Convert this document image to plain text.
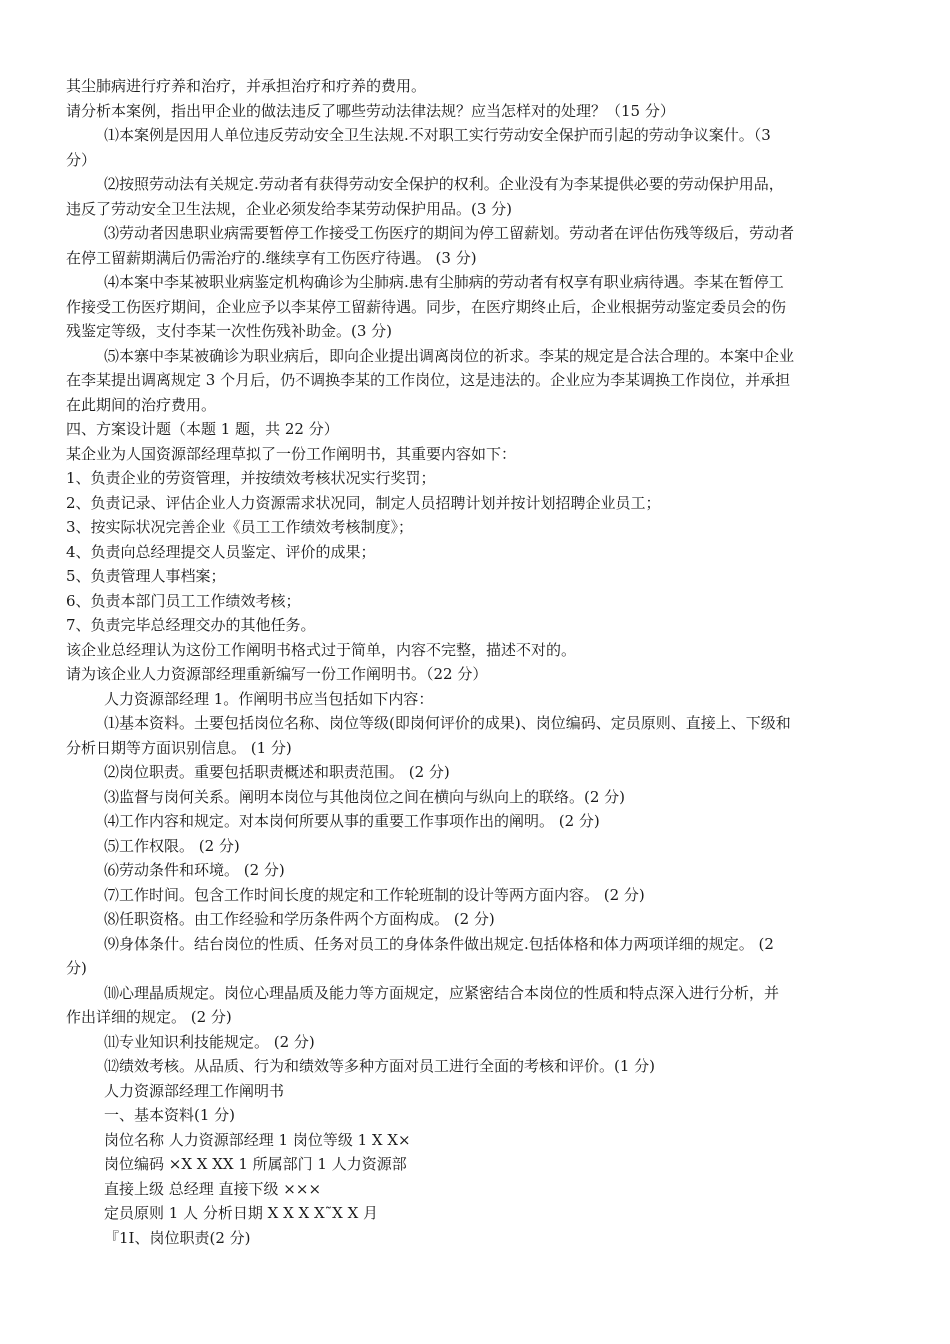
其尘肺病进行疗养和治疗，并承担治疗和疗养的费用。
请分析本案例，指出甲企业的做法违反了哪些劳动法律法规？应当怎样对的处理？（15 分）
⑴本案例是因用人单位违反劳动安全卫生法规.不对职工实行劳动安全保护而引起的劳动争议案什。（3
分）
⑵按照劳动法有关规定.劳动者有获得劳动安全保护的权利。企业没有为李某提供必要的劳动保护用品，
违反了劳动安全卫生法规，企业必须发给李某劳动保护用品。(3 分)
⑶劳动者因患职业病需要暂停工作接受工伤医疗的期间为停工留薪划。劳动者在评估伤残等级后，劳动者
在停工留薪期满后仍需治疗的.继续享有工伤医疗待遇。 (3 分)
⑷本案中李某被职业病鉴定机构确诊为尘肺病.患有尘肺病的劳动者有权享有职业病待遇。李某在暂停工
作接受工伤医疗期间，企业应予以李某停工留薪待遇。同步，在医疗期终止后，企业根据劳动鉴定委员会的伤
残鉴定等级，支付李某一次性伤残补助金。(3 分)
⑸本寨中李某被确诊为职业病后，即向企业提出调离岗位的祈求。李某的规定是合法合理的。本案中企业
在李某提出调离规定 3 个月后，仍不调换李某的工作岗位，这是违法的。企业应为李某调换工作岗位，并承担
在此期间的治疗费用。
四、方案设计题（本题 1 题，共 22 分）
某企业为人国资源部经理草拟了一份工作阐明书，其重要内容如下：
1、负责企业的劳资管理，并按绩效考核状况实行奖罚；
2、负责记录、评估企业人力资源需求状况同，制定人员招聘计划并按计划招聘企业员工；
3、按实际状况完善企业《员工工作绩效考核制度》；
4、负责向总经理提交人员鉴定、评价的成果；
5、负责管理人事档案；
6、负责本部门员工工作绩效考核；
7、负责完毕总经理交办的其他任务。
该企业总经理认为这份工作阐明书格式过于简单，内容不完整，描述不对的。
请为该企业人力资源部经理重新编写一份工作阐明书。（22 分）
人力资源部经理 1。作阐明书应当包括如下内容：
⑴基本资料。土要包括岗位名称、岗位等级(即岗何评价的成果)、岗位编码、定员原则、直接上、下级和
分析日期等方面识别信息。 (1 分)
⑵岗位职责。重要包括职责概述和职责范围。 (2 分)
⑶监督与岗何关系。阐明本岗位与其他岗位之间在横向与纵向上的联络。(2 分)
⑷工作内容和规定。对本岗何所要从事的重要工作事项作出的阐明。 (2 分)
⑸工作权限。 (2 分)
⑹劳动条件和环境。 (2 分)
⑺工作时间。包含工作时间长度的规定和工作轮班制的设计等两方面内容。 (2 分)
⑻任职资格。由工作经验和学历条件两个方面构成。 (2 分)
⑼身体条什。结台岗位的性质、任务对员工的身体条件做出规定.包括体格和体力两项详细的规定。 (2
分)
⑽心理晶质规定。岗位心理晶质及能力等方面规定，应紧密结合本岗位的性质和特点深入进行分析，并
作出详细的规定。 (2 分)
⑾专业知识利技能规定。 (2 分)
⑿绩效考核。从品质、行为和绩效等多种方面对员工进行全面的考核和评价。(1 分)
人力资源部经理工作阐明书
一、基本资料(1 分)
岗位名称 人力资源部经理 1 岗位等级 1 X X×
岗位编码 ×X X XX 1 所属部门 1 人力资源部
直接上级 总经理 直接下级 ×××
定员原则 1 人 分析日期 X X X X˜X X 月
『1I、岗位职责(2 分)
